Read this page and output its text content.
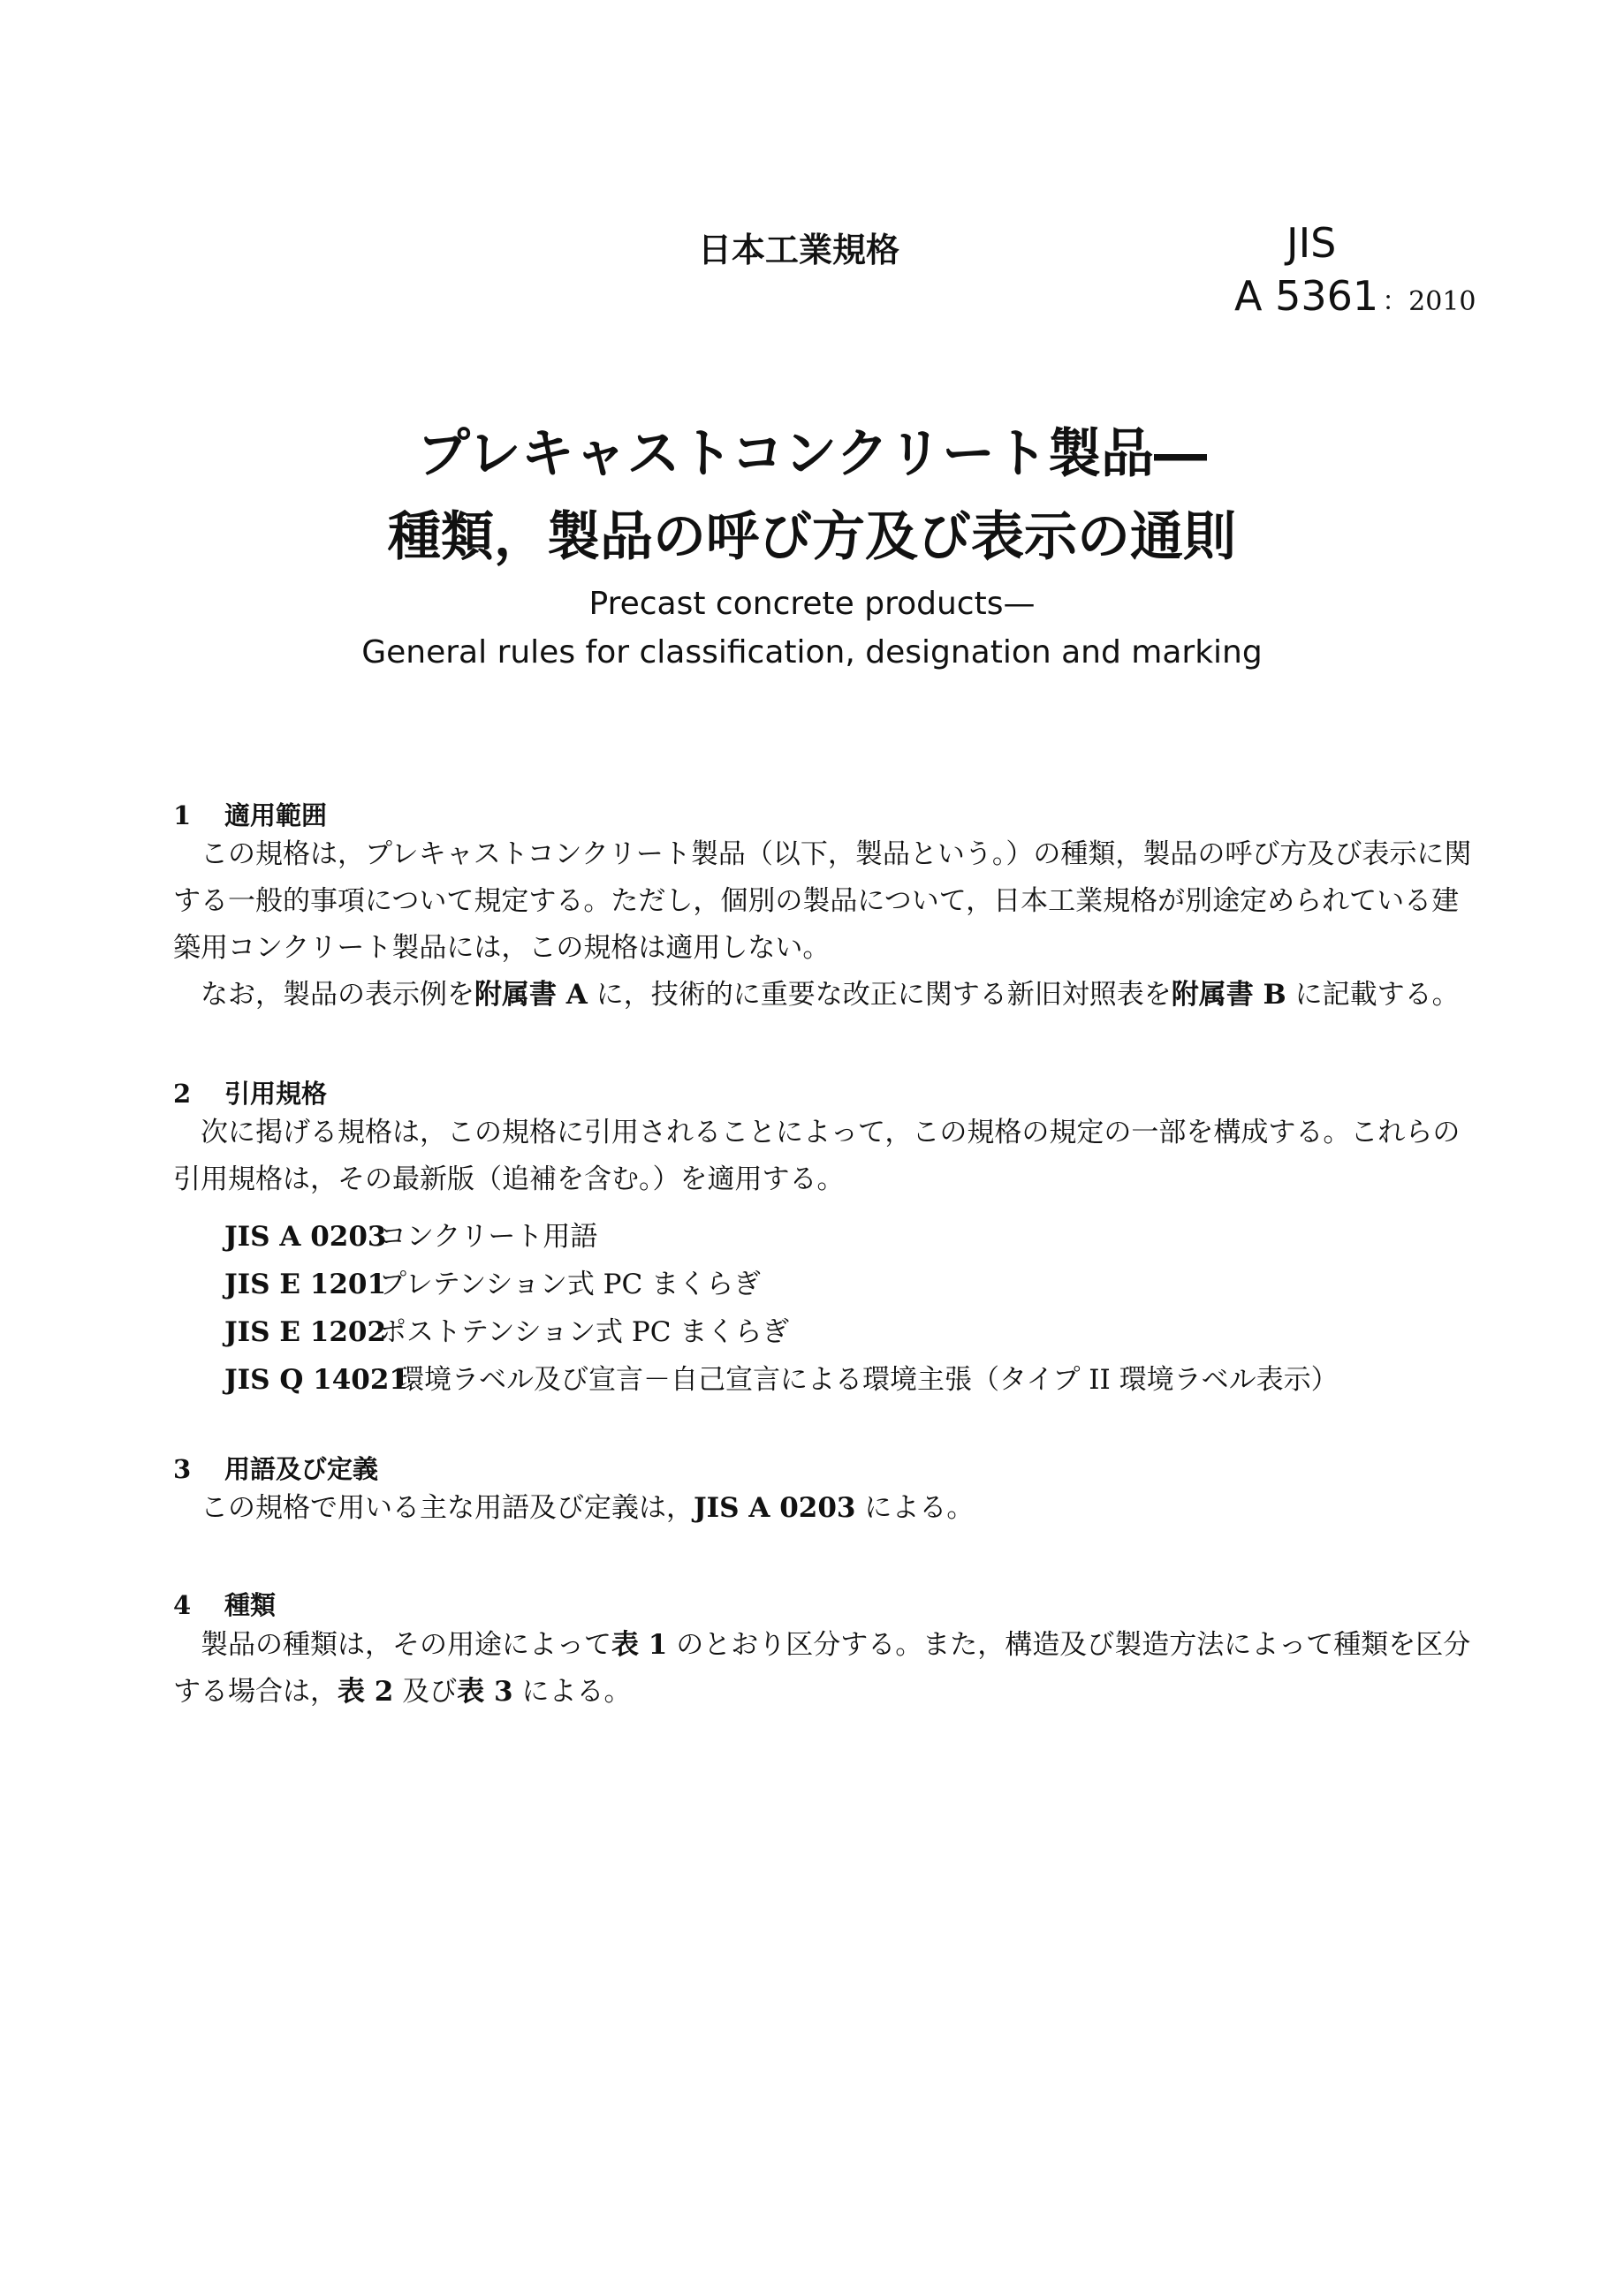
日本工業規格	JIS
A 5361 ：2010
プレキャストコンクリート製品―
種類，製品の呼び方及び表示の通則
Precast concrete products—
General rules for classification, designation and marking
1 適用範囲
この規格は，プレキャストコンクリート製品（以下，製品という。）の種類，製品の呼び方及び表示に関
する一般的事項について規定する。ただし，個別の製品について，日本工業規格が別途定められている建
築用コンクリート製品には，この規格は適用しない。
なお，製品の表示例を附属書 A に，技術的に重要な改正に関する新旧対照表を附属書 B に記載する。
2 引用規格
次に掲げる規格は，この規格に引用されることによって，この規格の規定の一部を構成する。これらの
引用規格は，その最新版（追補を含む。）を適用する。
JIS A 0203コンクリート用語
JIS E 1201プレテンション式 PC まくらぎ
JIS E 1202ポストテンション式 PC まくらぎ
JIS Q 14021環境ラベル及び宣言－自己宣言による環境主張（タイプ II 環境ラベル表示）
3 用語及び定義
この規格で用いる主な用語及び定義は，JIS A 0203 による。
4 種類
製品の種類は，その用途によって表 1 のとおり区分する。また，構造及び製造方法によって種類を区分
する場合は，表 2 及び表 3 による。
